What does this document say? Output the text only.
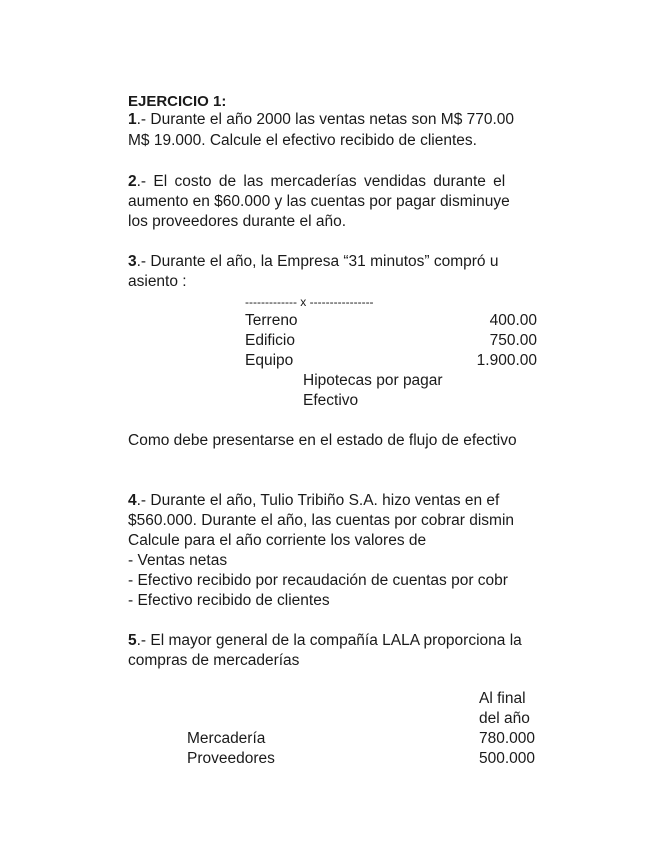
EJERCICIO 1:
1.- Durante el año 2000 las ventas netas son M$ 770.00
M$ 19.000. Calcule el efectivo recibido de clientes.
2.- El costo de las mercaderías vendidas durante el
aumento en $60.000 y las cuentas por pagar disminuye
los proveedores durante el año.
3.- Durante el año, la Empresa “31 minutos” compró u
asiento :
------------- x ----------------
Terreno	400.00
Edificio	750.00
Equipo	1.900.00
Hipotecas por pagar
Efectivo
Como debe presentarse en el estado de flujo de efectivo
4.- Durante el año, Tulio Tribiño S.A. hizo ventas en ef
$560.000. Durante el año, las cuentas por cobrar dismin
Calcule para el año corriente los valores de
- Ventas netas
- Efectivo recibido por recaudación de cuentas por cobr
- Efectivo recibido de clientes
5.- El mayor general de la compañía LALA proporciona la
compras de mercaderías
Al final
del año
Mercadería	780.000
Proveedores	500.000
